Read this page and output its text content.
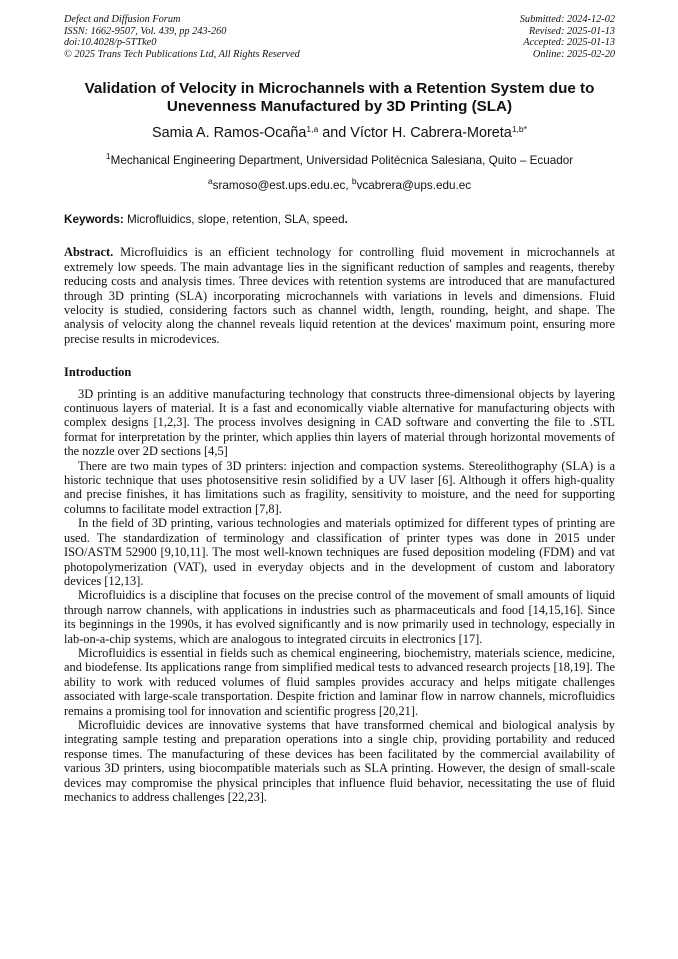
Defect and Diffusion Forum
ISSN: 1662-9507, Vol. 439, pp 243-260
doi:10.4028/p-5TTke0
© 2025 Trans Tech Publications Ltd, All Rights Reserved
Submitted: 2024-12-02
Revised: 2025-01-13
Accepted: 2025-01-13
Online: 2025-02-20
Validation of Velocity in Microchannels with a Retention System due to Unevenness Manufactured by 3D Printing (SLA)
Samia A. Ramos-Ocaña$^{1,a}$ and Víctor H. Cabrera-Moreta$^{1,b*}$
$^1$Mechanical Engineering Department, Universidad Politécnica Salesiana, Quito – Ecuador
$^a$sramoso@est.ups.edu.ec, $^b$vcabrera@ups.edu.ec
Keywords: Microfluidics, slope, retention, SLA, speed.
Abstract. Microfluidics is an efficient technology for controlling fluid movement in microchannels at extremely low speeds. The main advantage lies in the significant reduction of samples and reagents, thereby reducing costs and analysis times. Three devices with retention systems are introduced that are manufactured through 3D printing (SLA) incorporating microchannels with variations in levels and dimensions. Fluid velocity is studied, considering factors such as channel width, length, rounding, height, and shape. The analysis of velocity along the channel reveals liquid retention at the devices' maximum point, ensuring more precise results in microdevices.
Introduction

3D printing is an additive manufacturing technology that constructs three-dimensional objects by layering continuous layers of material. It is a fast and economically viable alternative for manufacturing objects with complex designs [1,2,3]. The process involves designing in CAD software and converting the file to .STL format for interpretation by the printer, which applies thin layers of material through horizontal movements of the nozzle over 2D sections [4,5]

There are two main types of 3D printers: injection and compaction systems. Stereolithography (SLA) is a historic technique that uses photosensitive resin solidified by a UV laser [6]. Although it offers high-quality and precise finishes, it has limitations such as fragility, sensitivity to moisture, and the need for supporting columns to facilitate model extraction [7,8].

In the field of 3D printing, various technologies and materials optimized for different types of printing are used. The standardization of terminology and classification of printer types was done in 2015 under ISO/ASTM 52900 [9,10,11]. The most well-known techniques are fused deposition modeling (FDM) and vat photopolymerization (VAT), used in everyday objects and in the development of custom and laboratory devices [12,13].

Microfluidics is a discipline that focuses on the precise control of the movement of small amounts of liquid through narrow channels, with applications in industries such as pharmaceuticals and food [14,15,16]. Since its beginnings in the 1990s, it has evolved significantly and is now primarily used in technology, especially in lab-on-a-chip systems, which are analogous to integrated circuits in electronics [17].

Microfluidics is essential in fields such as chemical engineering, biochemistry, materials science, medicine, and biodefense. Its applications range from simplified medical tests to advanced research projects [18,19]. The ability to work with reduced volumes of fluid samples provides accuracy and helps mitigate challenges associated with large-scale transportation. Despite friction and laminar flow in narrow channels, microfluidics remains a promising tool for innovation and scientific progress [20,21].

Microfluidic devices are innovative systems that have transformed chemical and biological analysis by integrating sample testing and preparation operations into a single chip, providing portability and reduced response times. The manufacturing of these devices has been facilitated by the commercial availability of various 3D printers, using biocompatible materials such as SLA printing. However, the design of small-scale devices may compromise the physical principles that influence fluid behavior, necessitating the use of fluid mechanics to address challenges [22,23].
